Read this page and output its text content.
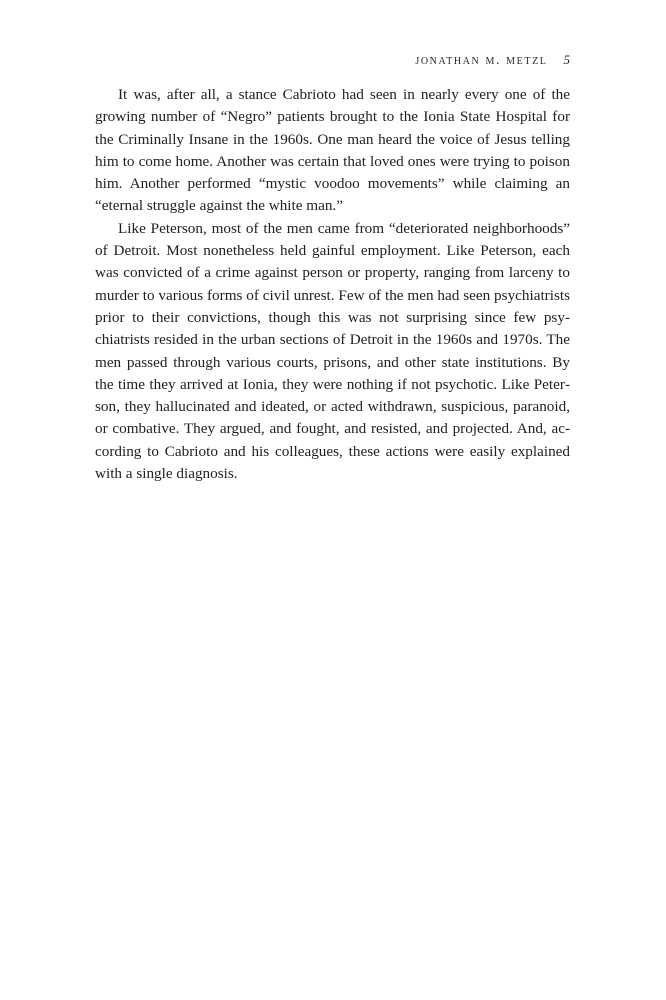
jonathan m. metzl 5

It was, after all, a stance Cabrioto had seen in nearly every one of the growing number of “Negro” patients brought to the Ionia State Hospital for the Criminally Insane in the 1960s. One man heard the voice of Jesus telling him to come home. Another was certain that loved ones were trying to poison him. Another performed “mystic voodoo movements” while claiming an “eternal struggle against the white man.”

Like Peterson, most of the men came from “deteriorated neighborhoods” of Detroit. Most nonetheless held gainful employment. Like Peterson, each was convicted of a crime against person or property, ranging from larceny to murder to various forms of civil unrest. Few of the men had seen psychiatrists prior to their convictions, though this was not surprising since few psychiatrists resided in the urban sections of Detroit in the 1960s and 1970s. The men passed through various courts, prisons, and other state institutions. By the time they arrived at Ionia, they were nothing if not psychotic. Like Peterson, they hallucinated and ideated, or acted withdrawn, suspicious, paranoid, or combative. They argued, and fought, and resisted, and projected. And, according to Cabrioto and his colleagues, these actions were easily explained with a single diagnosis.
